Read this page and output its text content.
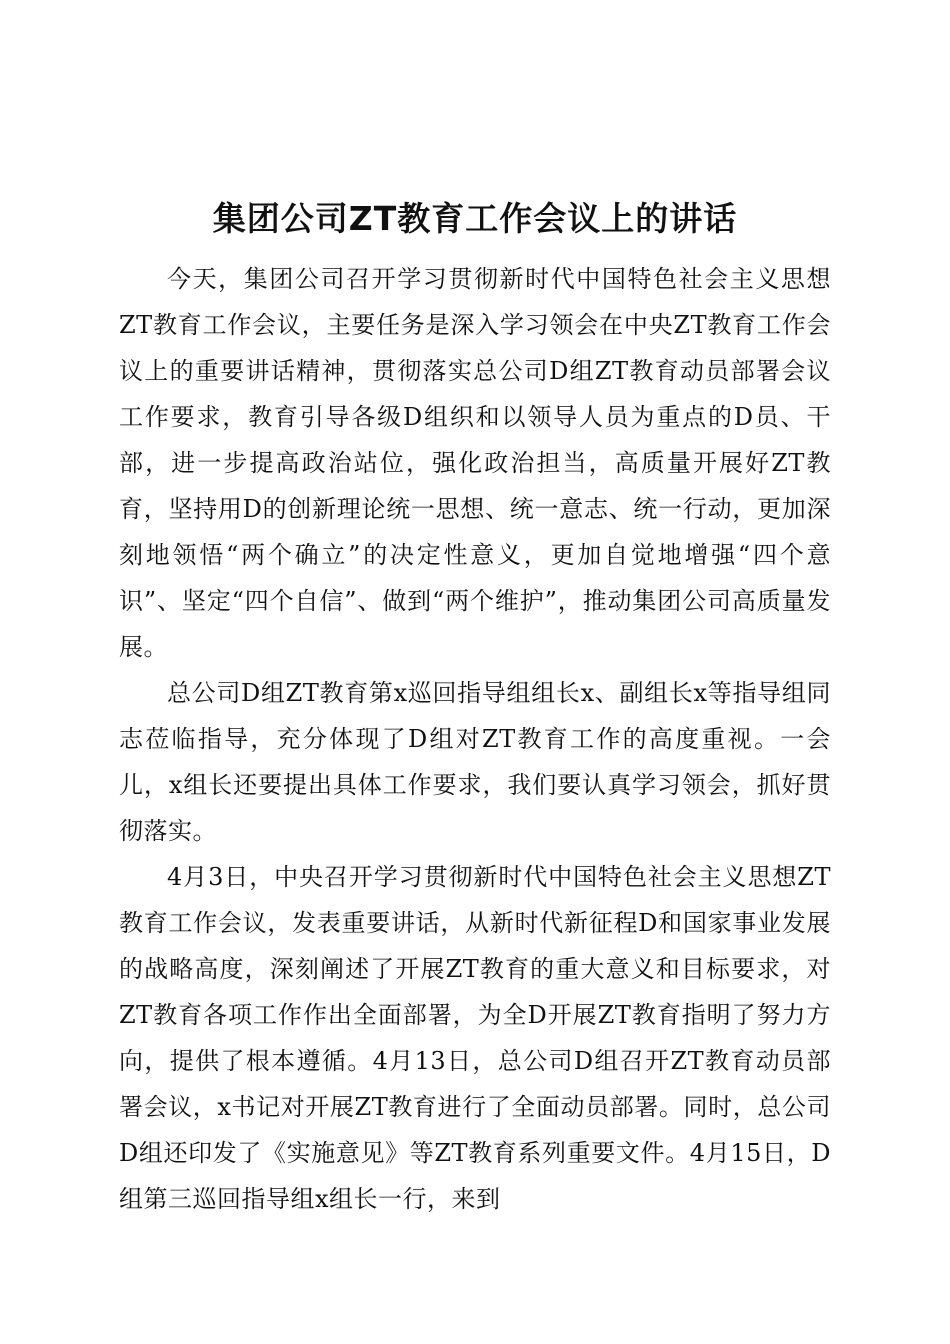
集团公司ZT教育工作会议上的讲话

今天，集团公司召开学习贯彻新时代中国特色社会主义思想ZT教育工作会议，主要任务是深入学习领会在中央ZT教育工作会议上的重要讲话精神，贯彻落实总公司D组ZT教育动员部署会议工作要求，教育引导各级D组织和以领导人员为重点的D员、干部，进一步提高政治站位，强化政治担当，高质量开展好ZT教育，坚持用D的创新理论统一思想、统一意志、统一行动，更加深刻地领悟“两个确立”的决定性意义，更加自觉地增强“四个意识”、坚定“四个自信”、做到“两个维护”，推动集团公司高质量发展。

总公司D组ZT教育第x巡回指导组组长x、副组长x等指导组同志莅临指导，充分体现了D组对ZT教育工作的高度重视。一会儿，x组长还要提出具体工作要求，我们要认真学习领会，抓好贯彻落实。

4月3日，中央召开学习贯彻新时代中国特色社会主义思想ZT教育工作会议，发表重要讲话，从新时代新征程D和国家事业发展的战略高度，深刻阐述了开展ZT教育的重大意义和目标要求，对ZT教育各项工作作出全面部署，为全D开展ZT教育指明了努力方向，提供了根本遵循。4月13日，总公司D组召开ZT教育动员部署会议，x书记对开展ZT教育进行了全面动员部署。同时，总公司D组还印发了《实施意见》等ZT教育系列重要文件。4月15日，D组第三巡回指导组x组长一行，来到
